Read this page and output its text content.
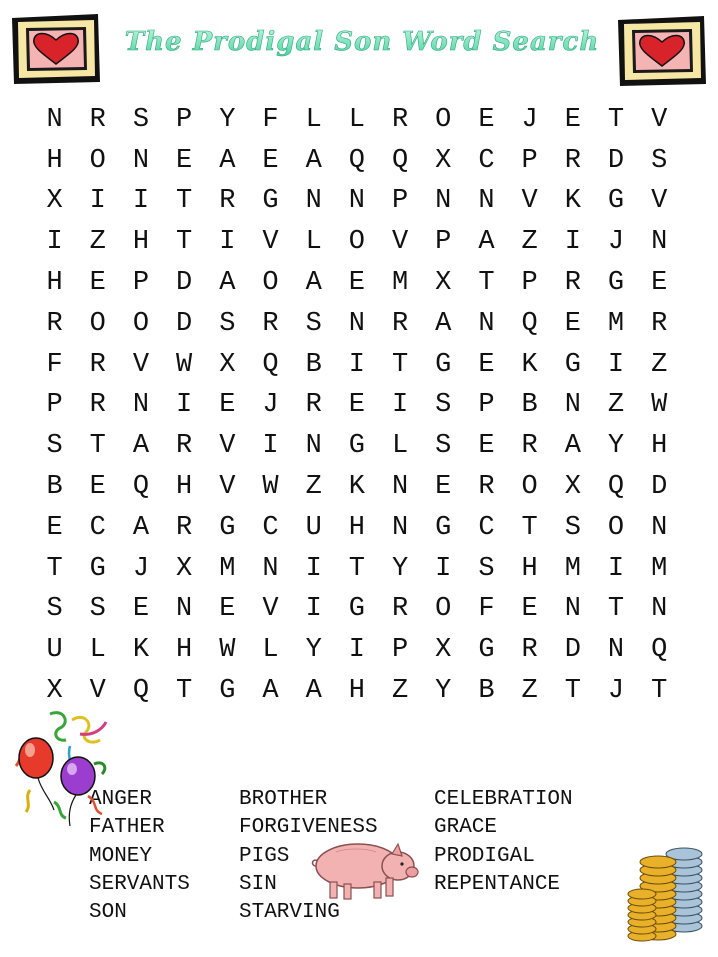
The Prodigal Son Word Search
N R S P Y F L L R O E J E T V
H O N E A E A Q Q X C P R D S
X I I T R G N N P N N V K G V
I Z H T I V L O V P A Z I J N
H E P D A O A E M X T P R G E
R O O D S R S N R A N Q E M R
F R V W X Q B I T G E K G I Z
P R N I E J R E I S P B N Z W
S T A R V I N G L S E R A Y H
B E Q H V W Z K N E R O X Q D
E C A R G C U H N G C T S O N
T G J X M N I T Y I S H M I M
S S E N E V I G R O F E N T N
U L K H W L Y I P X G R D N Q
X V Q T G A A H Z Y B Z T J T
ANGER
FATHER
MONEY
SERVANTS
SON
BROTHER
FORGIVENESS
PIGS
SIN
STARVING
CELEBRATION
GRACE
PRODIGAL
REPENTANCE
